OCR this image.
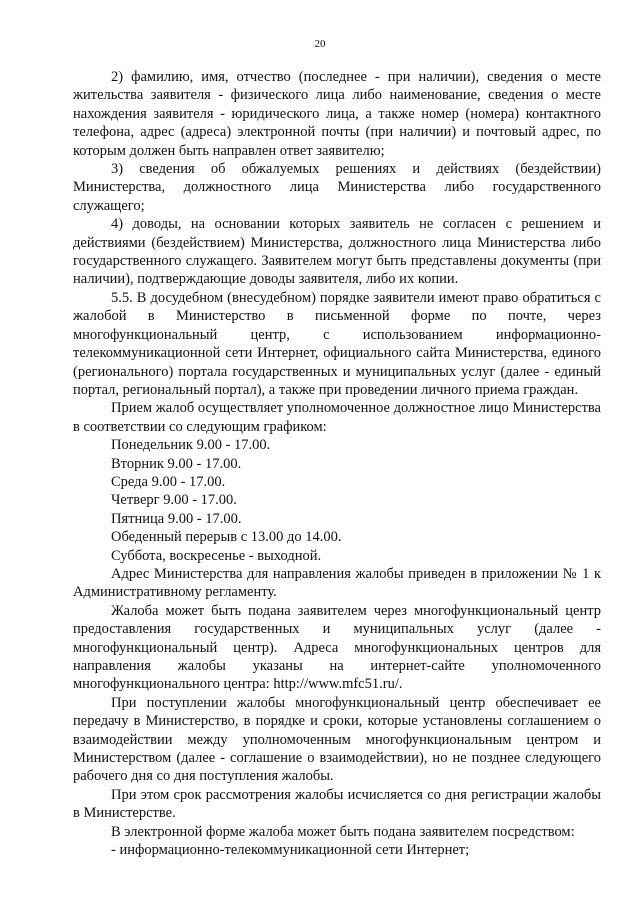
20

2) фамилию, имя, отчество (последнее - при наличии), сведения о месте жительства заявителя - физического лица либо наименование, сведения о месте нахождения заявителя - юридического лица, а также номер (номера) контактного телефона, адрес (адреса) электронной почты (при наличии) и почтовый адрес, по которым должен быть направлен ответ заявителю;

3) сведения об обжалуемых решениях и действиях (бездействии) Министерства, должностного лица Министерства либо государственного служащего;

4) доводы, на основании которых заявитель не согласен с решением и действиями (бездействием) Министерства, должностного лица Министерства либо государственного служащего. Заявителем могут быть представлены документы (при наличии), подтверждающие доводы заявителя, либо их копии.

5.5. В досудебном (внесудебном) порядке заявители имеют право обратиться с жалобой в Министерство в письменной форме по почте, через многофункциональный центр, с использованием информационно-телекоммуникационной сети Интернет, официального сайта Министерства, единого (регионального) портала государственных и муниципальных услуг (далее - единый портал, региональный портал), а также при проведении личного приема граждан.

Прием жалоб осуществляет уполномоченное должностное лицо Министерства в соответствии со следующим графиком:

Понедельник 9.00 - 17.00.

Вторник 9.00 - 17.00.

Среда 9.00 - 17.00.

Четверг 9.00 - 17.00.

Пятница 9.00 - 17.00.

Обеденный перерыв с 13.00 до 14.00.

Суббота, воскресенье - выходной.

Адрес Министерства для направления жалобы приведен в приложении № 1 к Административному регламенту.

Жалоба может быть подана заявителем через многофункциональный центр предоставления государственных и муниципальных услуг (далее - многофункциональный центр). Адреса многофункциональных центров для направления жалобы указаны на интернет-сайте уполномоченного многофункционального центра: http://www.mfc51.ru/.

При поступлении жалобы многофункциональный центр обеспечивает ее передачу в Министерство, в порядке и сроки, которые установлены соглашением о взаимодействии между уполномоченным многофункциональным центром и Министерством (далее - соглашение о взаимодействии), но не позднее следующего рабочего дня со дня поступления жалобы.

При этом срок рассмотрения жалобы исчисляется со дня регистрации жалобы в Министерстве.

В электронной форме жалоба может быть подана заявителем посредством:

- информационно-телекоммуникационной сети Интернет;
